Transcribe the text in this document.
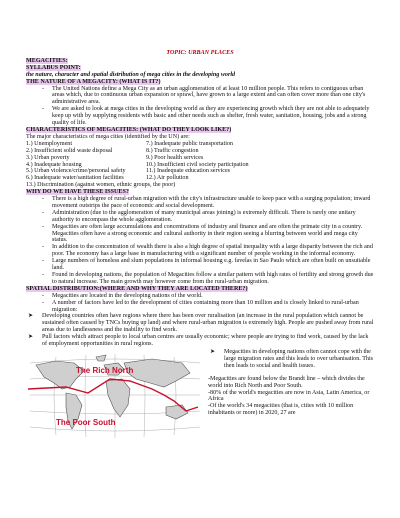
TOPIC: URBAN PLACES
MEGACITIES:
SYLLABUS POINT:
the nature, character and spatial distribution of mega cities in the developing world
THE NATURE OF A MEGACITY: (WHAT IS IT?)
- The United Nations define a Mega City as an urban agglomeration of at least 10 million people. This refers to contiguous urban areas which, due to continuous urban expansion or sprawl, have grown to a large extent and can often cover more than one city's administrative area.
- We are asked to look at mega cities in the developing world as they are experiencing growth which they are not able to adequately keep up with by supplying residents with basic and other needs such as shelter, fresh water, sanitation, housing, jobs and a strong quality of life.
CHARACTERISTICS OF MEGACITIES: (WHAT DO THEY LOOK LIKE?)
The major characteristics of mega cities (identified by the UN) are:
1.) Unemployment	7.) Inadequate public transportation
2.) Insufficient solid waste disposal	8.) Traffic congestion
3.) Urban poverty	9.) Poor health services
4.) Inadequate housing	10.) Insufficient civil society participation
5.) Urban violence/crime/personal safety	11.) Inadequate education services
6.) Inadequate water/sanitation facilities	12.) Air pollution
13.) Discrimination (against women, ethnic groups, the poor)
WHY DO WE HAVE THESE ISSUES?
- There is a high degree of rural-urban migration with the city's infrastructure unable to keep pace with a surging population; inward movement outstrips the pace of economic and social development.
- Administration (due to the agglomeration of many municipal areas joining) is extremely difficult. There is rarely one unitary authority to encompass the whole agglomeration.
- Megacities are often large accumulations and concentrations of industry and finance and are often the primate city in a country. Megacities often have a strong economic and cultural authority in their region seeing a blurring between world and mega city status.
- In addition to the concentration of wealth there is also a high degree of spatial inequality with a large disparity between the rich and poor. The economy has a large base in manufacturing with a significant number of people working in the informal economy.
- Large numbers of homeless and slum populations in informal housing e.g. favelas in Sao Paulo which are often built on unsuitable land.
- Found in developing nations, the population of Megacities follow a similar pattern with high rates of fertility and strong growth due to natural increase. The main growth may however come from the rural-urban migration.
SPATIAL DISTRIBUTION:(WHERE AND WHY THEY ARE LOCATED THERE?)
- Megacities are located in the developing nations of the world.
- A number of factors have led to the development of cities containing more than 10 million and is closely linked to rural-urban migration:
➤ Developing countries often have regions where there has been over ruralisation (an increase in the rural population which cannot be sustained often caused by TNCs buying up land) and where rural-urban migration is extremely high. People are pushed away from rural areas due to landlessness and the inability to find work.
➤ Pull factors which attract people to local urban centres are usually economic; where people are trying to find work, caused by the lack of employment opportunities in rural regions.
The Rich North
The Poor South
➤ Megacities in developing nations often cannot cope with the large migration rates and this leads to over urbanisation. This then leads to social and health issues.

-Megacities are found below the Brandt line – which divides the world into Rich North and Poor South.

-80% of the world's megacities are now in Asia, Latin America, or Africa

-Of the world's 34 megacities (that is, cities with 10 million inhabitants or more) in 2020, 27 are
